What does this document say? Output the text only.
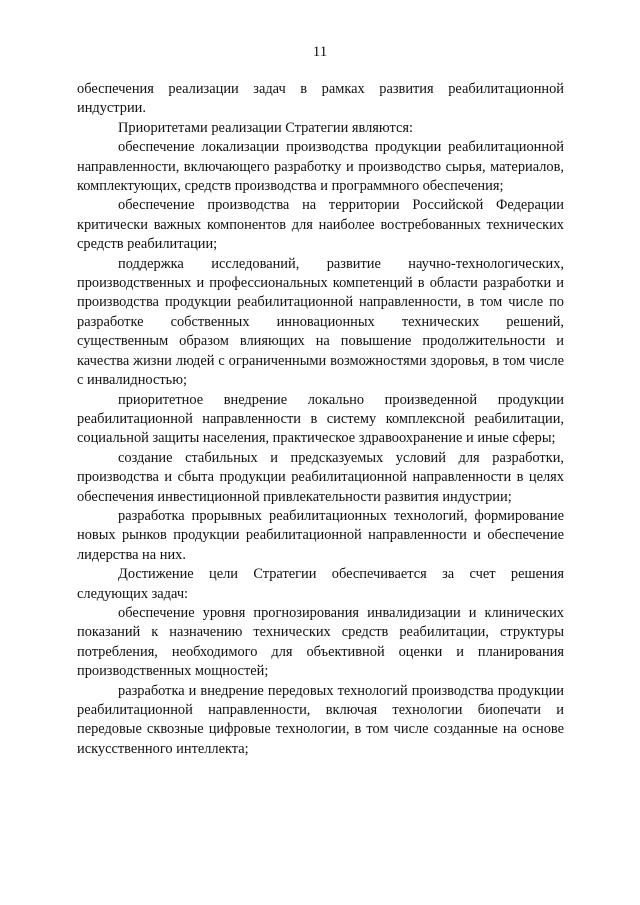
11

обеспечения реализации задач в рамках развития реабилитационной индустрии.

Приоритетами реализации Стратегии являются:

обеспечение локализации производства продукции реабилитационной направленности, включающего разработку и производство сырья, материалов, комплектующих, средств производства и программного обеспечения;

обеспечение производства на территории Российской Федерации критически важных компонентов для наиболее востребованных технических средств реабилитации;

поддержка исследований, развитие научно-технологических, производственных и профессиональных компетенций в области разработки и производства продукции реабилитационной направленности, в том числе по разработке собственных инновационных технических решений, существенным образом влияющих на повышение продолжительности и качества жизни людей с ограниченными возможностями здоровья, в том числе с инвалидностью;

приоритетное внедрение локально произведенной продукции реабилитационной направленности в систему комплексной реабилитации, социальной защиты населения, практическое здравоохранение и иные сферы;

создание стабильных и предсказуемых условий для разработки, производства и сбыта продукции реабилитационной направленности в целях обеспечения инвестиционной привлекательности развития индустрии;

разработка прорывных реабилитационных технологий, формирование новых рынков продукции реабилитационной направленности и обеспечение лидерства на них.

Достижение цели Стратегии обеспечивается за счет решения следующих задач:

обеспечение уровня прогнозирования инвалидизации и клинических показаний к назначению технических средств реабилитации, структуры потребления, необходимого для объективной оценки и планирования производственных мощностей;

разработка и внедрение передовых технологий производства продукции реабилитационной направленности, включая технологии биопечати и передовые сквозные цифровые технологии, в том числе созданные на основе искусственного интеллекта;
